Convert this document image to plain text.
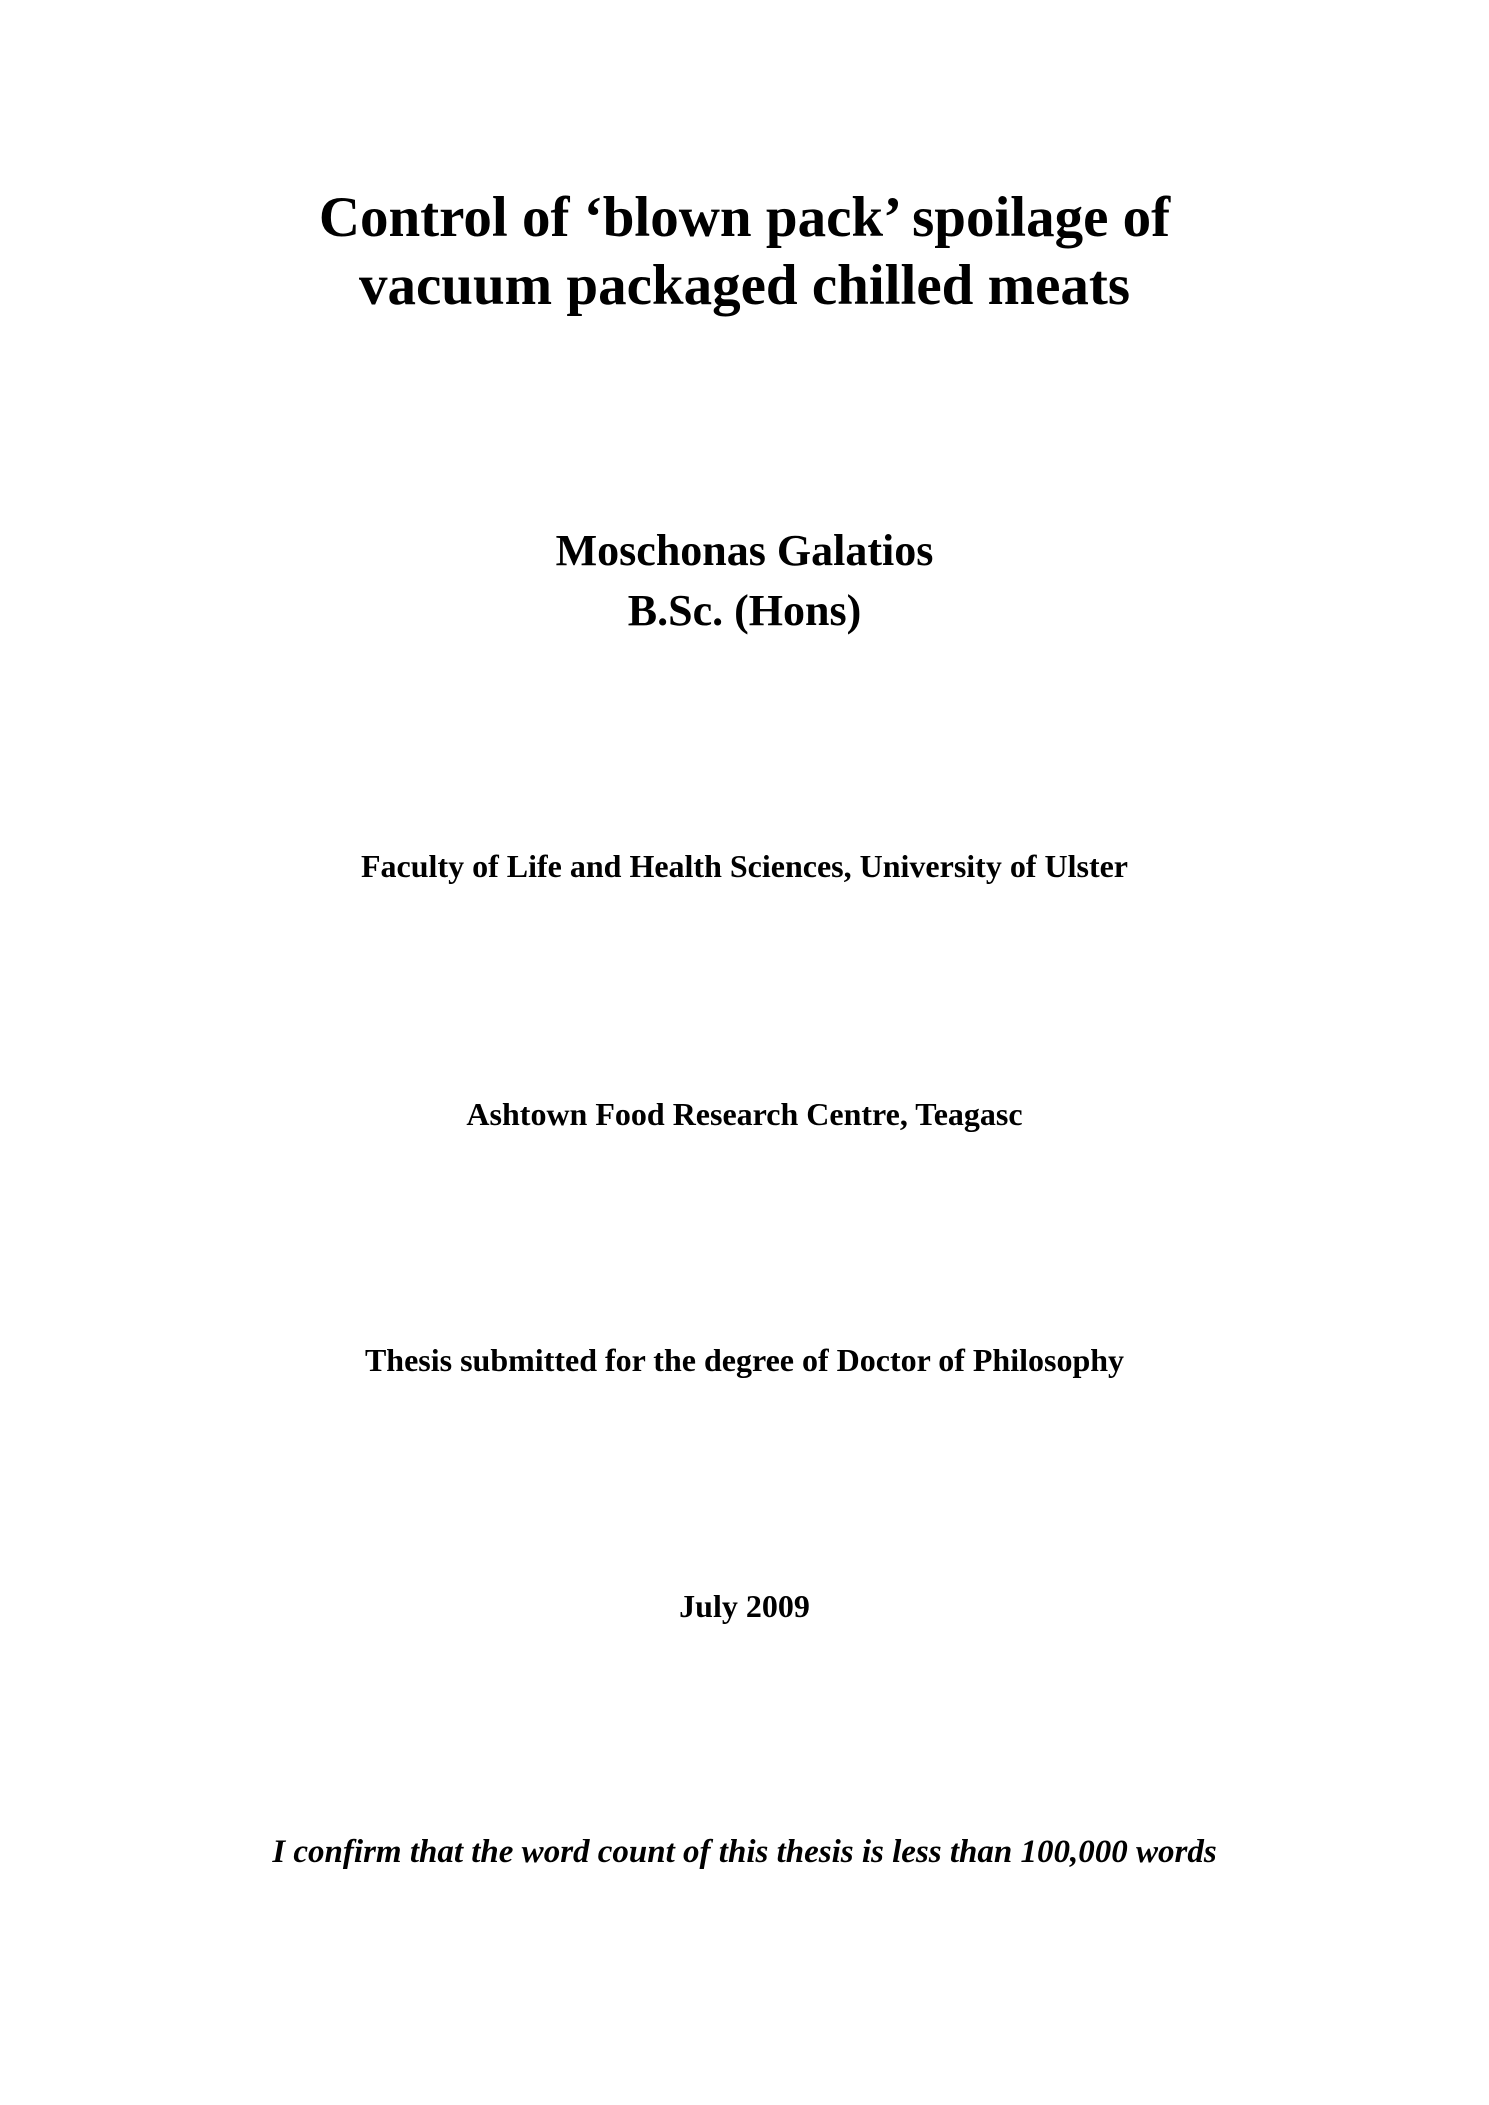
Control of ‘blown pack’ spoilage of
vacuum packaged chilled meats

Moschonas Galatios

B.Sc. (Hons)

Faculty of Life and Health Sciences, University of Ulster

Ashtown Food Research Centre, Teagasc

Thesis submitted for the degree of Doctor of Philosophy

July 2009

I confirm that the word count of this thesis is less than 100,000 words
